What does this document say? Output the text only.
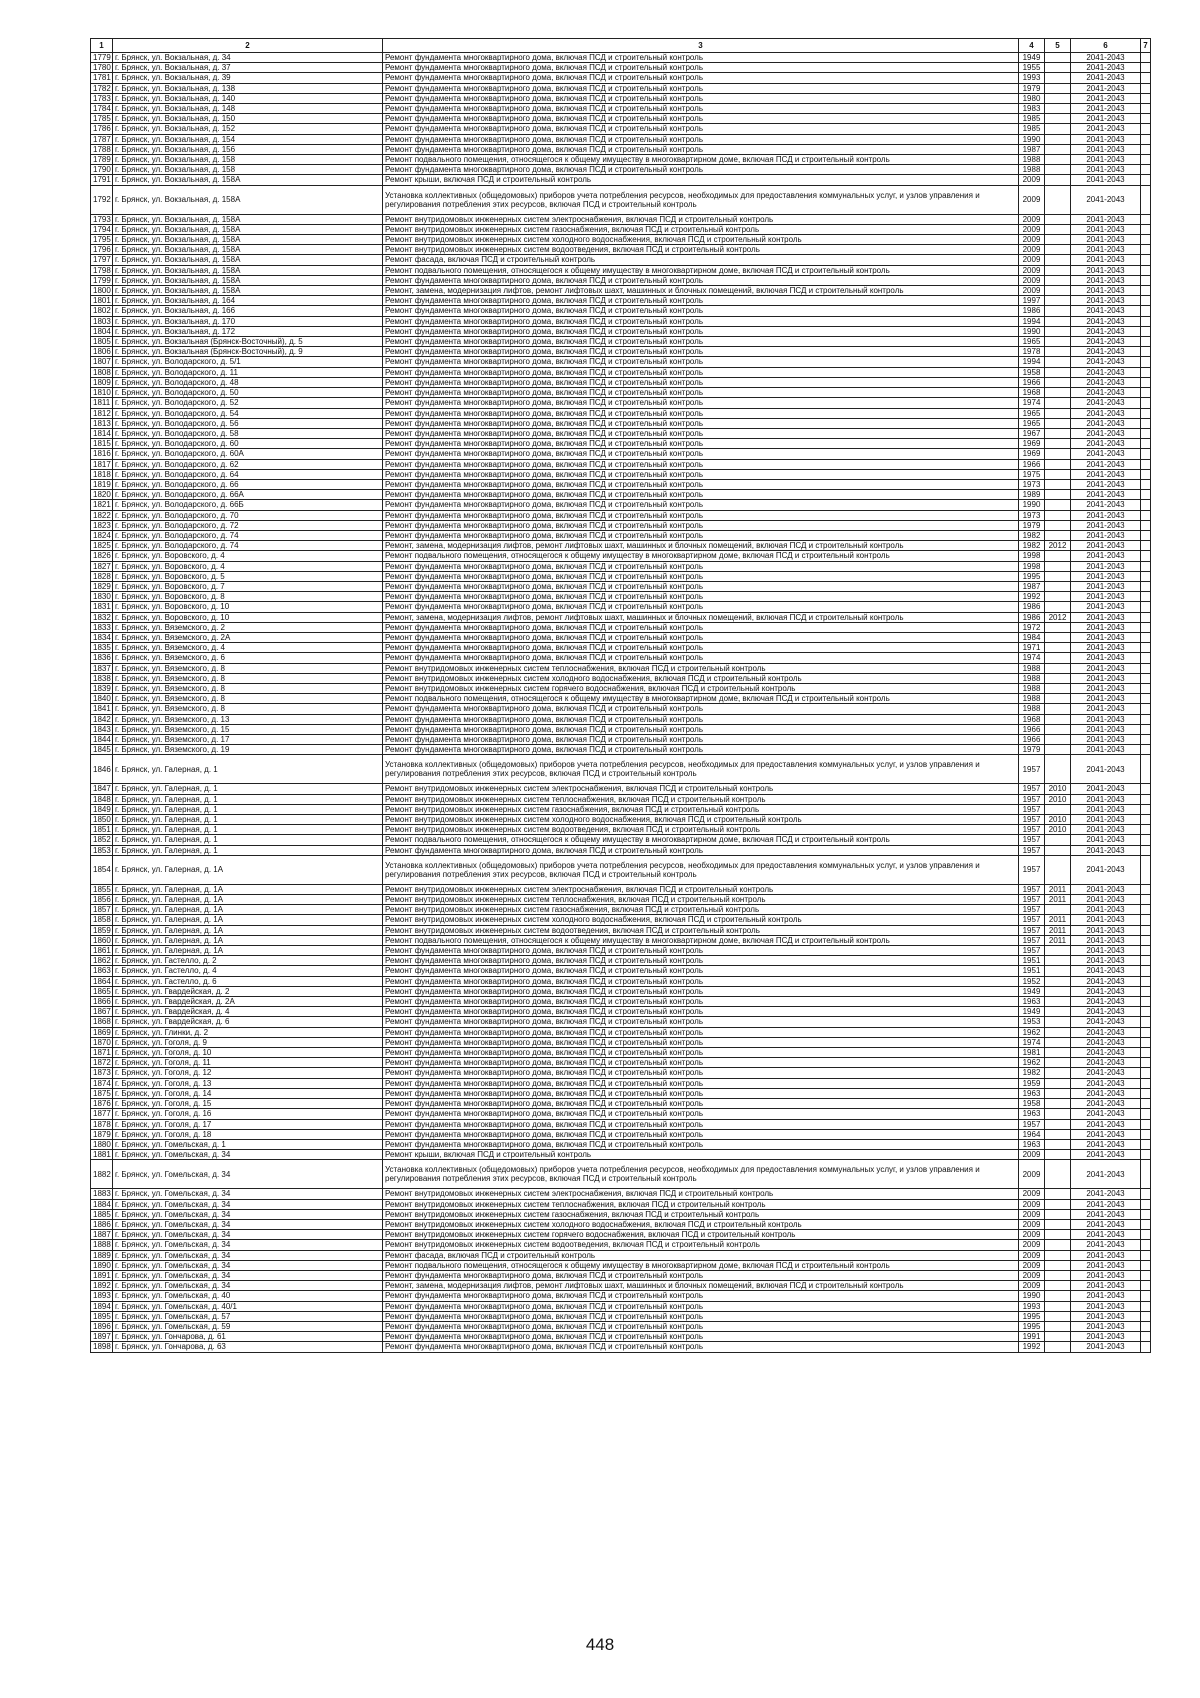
1	2	3	4	5	6	7
1779	г. Брянск, ул. Вокзальная, д. 34	Ремонт фундамента многоквартирного дома, включая ПСД и строительный контроль	1949		2041-2043	
1780	г. Брянск, ул. Вокзальная, д. 37	Ремонт фундамента многоквартирного дома, включая ПСД и строительный контроль	1955		2041-2043	
1781	г. Брянск, ул. Вокзальная, д. 39	Ремонт фундамента многоквартирного дома, включая ПСД и строительный контроль	1993		2041-2043	
1782	г. Брянск, ул. Вокзальная, д. 138	Ремонт фундамента многоквартирного дома, включая ПСД и строительный контроль	1979		2041-2043	
1783	г. Брянск, ул. Вокзальная, д. 140	Ремонт фундамента многоквартирного дома, включая ПСД и строительный контроль	1980		2041-2043	
1784	г. Брянск, ул. Вокзальная, д. 148	Ремонт фундамента многоквартирного дома, включая ПСД и строительный контроль	1983		2041-2043	
1785	г. Брянск, ул. Вокзальная, д. 150	Ремонт фундамента многоквартирного дома, включая ПСД и строительный контроль	1985		2041-2043	
1786	г. Брянск, ул. Вокзальная, д. 152	Ремонт фундамента многоквартирного дома, включая ПСД и строительный контроль	1985		2041-2043	
1787	г. Брянск, ул. Вокзальная, д. 154	Ремонт фундамента многоквартирного дома, включая ПСД и строительный контроль	1990		2041-2043	
1788	г. Брянск, ул. Вокзальная, д. 156	Ремонт фундамента многоквартирного дома, включая ПСД и строительный контроль	1987		2041-2043	
1789	г. Брянск, ул. Вокзальная, д. 158	Ремонт подвального помещения, относящегося к общему имуществу в многоквартирном доме, включая ПСД и строительный контроль	1988		2041-2043	
1790	г. Брянск, ул. Вокзальная, д. 158	Ремонт фундамента многоквартирного дома, включая ПСД и строительный контроль	1988		2041-2043	
1791	г. Брянск, ул. Вокзальная, д. 158А	Ремонт крыши, включая ПСД и строительный контроль	2009		2041-2043	
1792	г. Брянск, ул. Вокзальная, д. 158А	Установка коллективных (общедомовых) приборов учета потребления ресурсов, необходимых для предоставления коммунальных услуг, и узлов управления и регулирования потребления этих ресурсов, включая ПСД и строительный контроль	2009		2041-2043	
1793	г. Брянск, ул. Вокзальная, д. 158А	Ремонт внутридомовых инженерных систем электроснабжения, включая ПСД и строительный контроль	2009		2041-2043	
1794	г. Брянск, ул. Вокзальная, д. 158А	Ремонт внутридомовых инженерных систем газоснабжения, включая ПСД и строительный контроль	2009		2041-2043	
1795	г. Брянск, ул. Вокзальная, д. 158А	Ремонт внутридомовых инженерных систем холодного водоснабжения, включая ПСД и строительный контроль	2009		2041-2043	
1796	г. Брянск, ул. Вокзальная, д. 158А	Ремонт внутридомовых инженерных систем водоотведения, включая ПСД и строительный контроль	2009		2041-2043	
1797	г. Брянск, ул. Вокзальная, д. 158А	Ремонт фасада, включая ПСД и строительный контроль	2009		2041-2043	
1798	г. Брянск, ул. Вокзальная, д. 158А	Ремонт подвального помещения, относящегося к общему имуществу в многоквартирном доме, включая ПСД и строительный контроль	2009		2041-2043	
1799	г. Брянск, ул. Вокзальная, д. 158А	Ремонт фундамента многоквартирного дома, включая ПСД и строительный контроль	2009		2041-2043	
1800	г. Брянск, ул. Вокзальная, д. 158А	Ремонт, замена, модернизация лифтов, ремонт лифтовых шахт, машинных и блочных помещений, включая ПСД и строительный контроль	2009		2041-2043	
1801	г. Брянск, ул. Вокзальная, д. 164	Ремонт фундамента многоквартирного дома, включая ПСД и строительный контроль	1997		2041-2043	
1802	г. Брянск, ул. Вокзальная, д. 166	Ремонт фундамента многоквартирного дома, включая ПСД и строительный контроль	1986		2041-2043	
1803	г. Брянск, ул. Вокзальная, д. 170	Ремонт фундамента многоквартирного дома, включая ПСД и строительный контроль	1994		2041-2043	
1804	г. Брянск, ул. Вокзальная, д. 172	Ремонт фундамента многоквартирного дома, включая ПСД и строительный контроль	1990		2041-2043	
1805	г. Брянск, ул. Вокзальная (Брянск-Восточный), д. 5	Ремонт фундамента многоквартирного дома, включая ПСД и строительный контроль	1965		2041-2043	
1806	г. Брянск, ул. Вокзальная (Брянск-Восточный), д. 9	Ремонт фундамента многоквартирного дома, включая ПСД и строительный контроль	1978		2041-2043	
1807	г. Брянск, ул. Володарского, д. 5/1	Ремонт фундамента многоквартирного дома, включая ПСД и строительный контроль	1994		2041-2043	
1808	г. Брянск, ул. Володарского, д. 11	Ремонт фундамента многоквартирного дома, включая ПСД и строительный контроль	1958		2041-2043	
1809	г. Брянск, ул. Володарского, д. 48	Ремонт фундамента многоквартирного дома, включая ПСД и строительный контроль	1966		2041-2043	
1810	г. Брянск, ул. Володарского, д. 50	Ремонт фундамента многоквартирного дома, включая ПСД и строительный контроль	1968		2041-2043	
1811	г. Брянск, ул. Володарского, д. 52	Ремонт фундамента многоквартирного дома, включая ПСД и строительный контроль	1974		2041-2043	
1812	г. Брянск, ул. Володарского, д. 54	Ремонт фундамента многоквартирного дома, включая ПСД и строительный контроль	1965		2041-2043	
1813	г. Брянск, ул. Володарского, д. 56	Ремонт фундамента многоквартирного дома, включая ПСД и строительный контроль	1965		2041-2043	
1814	г. Брянск, ул. Володарского, д. 58	Ремонт фундамента многоквартирного дома, включая ПСД и строительный контроль	1967		2041-2043	
1815	г. Брянск, ул. Володарского, д. 60	Ремонт фундамента многоквартирного дома, включая ПСД и строительный контроль	1969		2041-2043	
1816	г. Брянск, ул. Володарского, д. 60А	Ремонт фундамента многоквартирного дома, включая ПСД и строительный контроль	1969		2041-2043	
1817	г. Брянск, ул. Володарского, д. 62	Ремонт фундамента многоквартирного дома, включая ПСД и строительный контроль	1966		2041-2043	
1818	г. Брянск, ул. Володарского, д. 64	Ремонт фундамента многоквартирного дома, включая ПСД и строительный контроль	1975		2041-2043	
1819	г. Брянск, ул. Володарского, д. 66	Ремонт фундамента многоквартирного дома, включая ПСД и строительный контроль	1973		2041-2043	
1820	г. Брянск, ул. Володарского, д. 66А	Ремонт фундамента многоквартирного дома, включая ПСД и строительный контроль	1989		2041-2043	
1821	г. Брянск, ул. Володарского, д. 66Б	Ремонт фундамента многоквартирного дома, включая ПСД и строительный контроль	1990		2041-2043	
1822	г. Брянск, ул. Володарского, д. 70	Ремонт фундамента многоквартирного дома, включая ПСД и строительный контроль	1973		2041-2043	
1823	г. Брянск, ул. Володарского, д. 72	Ремонт фундамента многоквартирного дома, включая ПСД и строительный контроль	1979		2041-2043	
1824	г. Брянск, ул. Володарского, д. 74	Ремонт фундамента многоквартирного дома, включая ПСД и строительный контроль	1982		2041-2043	
1825	г. Брянск, ул. Володарского, д. 74	Ремонт, замена, модернизация лифтов, ремонт лифтовых шахт, машинных и блочных помещений, включая ПСД и строительный контроль	1982	2012	2041-2043	
1826	г. Брянск, ул. Воровского, д. 4	Ремонт подвального помещения, относящегося к общему имуществу в многоквартирном доме, включая ПСД и строительный контроль	1998		2041-2043	
1827	г. Брянск, ул. Воровского, д. 4	Ремонт фундамента многоквартирного дома, включая ПСД и строительный контроль	1998		2041-2043	
1828	г. Брянск, ул. Воровского, д. 5	Ремонт фундамента многоквартирного дома, включая ПСД и строительный контроль	1995		2041-2043	
1829	г. Брянск, ул. Воровского, д. 7	Ремонт фундамента многоквартирного дома, включая ПСД и строительный контроль	1987		2041-2043	
1830	г. Брянск, ул. Воровского, д. 8	Ремонт фундамента многоквартирного дома, включая ПСД и строительный контроль	1992		2041-2043	
1831	г. Брянск, ул. Воровского, д. 10	Ремонт фундамента многоквартирного дома, включая ПСД и строительный контроль	1986		2041-2043	
1832	г. Брянск, ул. Воровского, д. 10	Ремонт, замена, модернизация лифтов, ремонт лифтовых шахт, машинных и блочных помещений, включая ПСД и строительный контроль	1986	2012	2041-2043	
1833	г. Брянск, ул. Вяземского, д. 2	Ремонт фундамента многоквартирного дома, включая ПСД и строительный контроль	1972		2041-2043	
1834	г. Брянск, ул. Вяземского, д. 2А	Ремонт фундамента многоквартирного дома, включая ПСД и строительный контроль	1984		2041-2043	
1835	г. Брянск, ул. Вяземского, д. 4	Ремонт фундамента многоквартирного дома, включая ПСД и строительный контроль	1971		2041-2043	
1836	г. Брянск, ул. Вяземского, д. 6	Ремонт фундамента многоквартирного дома, включая ПСД и строительный контроль	1974		2041-2043	
1837	г. Брянск, ул. Вяземского, д. 8	Ремонт внутридомовых инженерных систем теплоснабжения, включая ПСД и строительный контроль	1988		2041-2043	
1838	г. Брянск, ул. Вяземского, д. 8	Ремонт внутридомовых инженерных систем холодного водоснабжения, включая ПСД и строительный контроль	1988		2041-2043	
1839	г. Брянск, ул. Вяземского, д. 8	Ремонт внутридомовых инженерных систем горячего водоснабжения, включая ПСД и строительный контроль	1988		2041-2043	
1840	г. Брянск, ул. Вяземского, д. 8	Ремонт подвального помещения, относящегося к общему имуществу в многоквартирном доме, включая ПСД и строительный контроль	1988		2041-2043	
1841	г. Брянск, ул. Вяземского, д. 8	Ремонт фундамента многоквартирного дома, включая ПСД и строительный контроль	1988		2041-2043	
1842	г. Брянск, ул. Вяземского, д. 13	Ремонт фундамента многоквартирного дома, включая ПСД и строительный контроль	1968		2041-2043	
1843	г. Брянск, ул. Вяземского, д. 15	Ремонт фундамента многоквартирного дома, включая ПСД и строительный контроль	1966		2041-2043	
1844	г. Брянск, ул. Вяземского, д. 17	Ремонт фундамента многоквартирного дома, включая ПСД и строительный контроль	1966		2041-2043	
1845	г. Брянск, ул. Вяземского, д. 19	Ремонт фундамента многоквартирного дома, включая ПСД и строительный контроль	1979		2041-2043	
1846	г. Брянск, ул. Галерная, д. 1	Установка коллективных (общедомовых) приборов учета потребления ресурсов, необходимых для предоставления коммунальных услуг, и узлов управления и регулирования потребления этих ресурсов, включая ПСД и строительный контроль	1957		2041-2043	
1847	г. Брянск, ул. Галерная, д. 1	Ремонт внутридомовых инженерных систем электроснабжения, включая ПСД и строительный контроль	1957	2010	2041-2043	
1848	г. Брянск, ул. Галерная, д. 1	Ремонт внутридомовых инженерных систем теплоснабжения, включая ПСД и строительный контроль	1957	2010	2041-2043	
1849	г. Брянск, ул. Галерная, д. 1	Ремонт внутридомовых инженерных систем газоснабжения, включая ПСД и строительный контроль	1957		2041-2043	
1850	г. Брянск, ул. Галерная, д. 1	Ремонт внутридомовых инженерных систем холодного водоснабжения, включая ПСД и строительный контроль	1957	2010	2041-2043	
1851	г. Брянск, ул. Галерная, д. 1	Ремонт внутридомовых инженерных систем водоотведения, включая ПСД и строительный контроль	1957	2010	2041-2043	
1852	г. Брянск, ул. Галерная, д. 1	Ремонт подвального помещения, относящегося к общему имуществу в многоквартирном доме, включая ПСД и строительный контроль	1957		2041-2043	
1853	г. Брянск, ул. Галерная, д. 1	Ремонт фундамента многоквартирного дома, включая ПСД и строительный контроль	1957		2041-2043	
1854	г. Брянск, ул. Галерная, д. 1А	Установка коллективных (общедомовых) приборов учета потребления ресурсов, необходимых для предоставления коммунальных услуг, и узлов управления и регулирования потребления этих ресурсов, включая ПСД и строительный контроль	1957		2041-2043	
1855	г. Брянск, ул. Галерная, д. 1А	Ремонт внутридомовых инженерных систем электроснабжения, включая ПСД и строительный контроль	1957	2011	2041-2043	
1856	г. Брянск, ул. Галерная, д. 1А	Ремонт внутридомовых инженерных систем теплоснабжения, включая ПСД и строительный контроль	1957	2011	2041-2043	
1857	г. Брянск, ул. Галерная, д. 1А	Ремонт внутридомовых инженерных систем газоснабжения, включая ПСД и строительный контроль	1957		2041-2043	
1858	г. Брянск, ул. Галерная, д. 1А	Ремонт внутридомовых инженерных систем холодного водоснабжения, включая ПСД и строительный контроль	1957	2011	2041-2043	
1859	г. Брянск, ул. Галерная, д. 1А	Ремонт внутридомовых инженерных систем водоотведения, включая ПСД и строительный контроль	1957	2011	2041-2043	
1860	г. Брянск, ул. Галерная, д. 1А	Ремонт подвального помещения, относящегося к общему имуществу в многоквартирном доме, включая ПСД и строительный контроль	1957	2011	2041-2043	
1861	г. Брянск, ул. Галерная, д. 1А	Ремонт фундамента многоквартирного дома, включая ПСД и строительный контроль	1957		2041-2043	
1862	г. Брянск, ул. Гастелло, д. 2	Ремонт фундамента многоквартирного дома, включая ПСД и строительный контроль	1951		2041-2043	
1863	г. Брянск, ул. Гастелло, д. 4	Ремонт фундамента многоквартирного дома, включая ПСД и строительный контроль	1951		2041-2043	
1864	г. Брянск, ул. Гастелло, д. 6	Ремонт фундамента многоквартирного дома, включая ПСД и строительный контроль	1952		2041-2043	
1865	г. Брянск, ул. Гвардейская, д. 2	Ремонт фундамента многоквартирного дома, включая ПСД и строительный контроль	1949		2041-2043	
1866	г. Брянск, ул. Гвардейская, д. 2А	Ремонт фундамента многоквартирного дома, включая ПСД и строительный контроль	1963		2041-2043	
1867	г. Брянск, ул. Гвардейская, д. 4	Ремонт фундамента многоквартирного дома, включая ПСД и строительный контроль	1949		2041-2043	
1868	г. Брянск, ул. Гвардейская, д. 6	Ремонт фундамента многоквартирного дома, включая ПСД и строительный контроль	1953		2041-2043	
1869	г. Брянск, ул. Глинки, д. 2	Ремонт фундамента многоквартирного дома, включая ПСД и строительный контроль	1962		2041-2043	
1870	г. Брянск, ул. Гоголя, д. 9	Ремонт фундамента многоквартирного дома, включая ПСД и строительный контроль	1974		2041-2043	
1871	г. Брянск, ул. Гоголя, д. 10	Ремонт фундамента многоквартирного дома, включая ПСД и строительный контроль	1981		2041-2043	
1872	г. Брянск, ул. Гоголя, д. 11	Ремонт фундамента многоквартирного дома, включая ПСД и строительный контроль	1962		2041-2043	
1873	г. Брянск, ул. Гоголя, д. 12	Ремонт фундамента многоквартирного дома, включая ПСД и строительный контроль	1982		2041-2043	
1874	г. Брянск, ул. Гоголя, д. 13	Ремонт фундамента многоквартирного дома, включая ПСД и строительный контроль	1959		2041-2043	
1875	г. Брянск, ул. Гоголя, д. 14	Ремонт фундамента многоквартирного дома, включая ПСД и строительный контроль	1963		2041-2043	
1876	г. Брянск, ул. Гоголя, д. 15	Ремонт фундамента многоквартирного дома, включая ПСД и строительный контроль	1958		2041-2043	
1877	г. Брянск, ул. Гоголя, д. 16	Ремонт фундамента многоквартирного дома, включая ПСД и строительный контроль	1963		2041-2043	
1878	г. Брянск, ул. Гоголя, д. 17	Ремонт фундамента многоквартирного дома, включая ПСД и строительный контроль	1957		2041-2043	
1879	г. Брянск, ул. Гоголя, д. 18	Ремонт фундамента многоквартирного дома, включая ПСД и строительный контроль	1964		2041-2043	
1880	г. Брянск, ул. Гомельская, д. 1	Ремонт фундамента многоквартирного дома, включая ПСД и строительный контроль	1963		2041-2043	
1881	г. Брянск, ул. Гомельская, д. 34	Ремонт крыши, включая ПСД и строительный контроль	2009		2041-2043	
1882	г. Брянск, ул. Гомельская, д. 34	Установка коллективных (общедомовых) приборов учета потребления ресурсов, необходимых для предоставления коммунальных услуг, и узлов управления и регулирования потребления этих ресурсов, включая ПСД и строительный контроль	2009		2041-2043	
1883	г. Брянск, ул. Гомельская, д. 34	Ремонт внутридомовых инженерных систем электроснабжения, включая ПСД и строительный контроль	2009		2041-2043	
1884	г. Брянск, ул. Гомельская, д. 34	Ремонт внутридомовых инженерных систем теплоснабжения, включая ПСД и строительный контроль	2009		2041-2043	
1885	г. Брянск, ул. Гомельская, д. 34	Ремонт внутридомовых инженерных систем газоснабжения, включая ПСД и строительный контроль	2009		2041-2043	
1886	г. Брянск, ул. Гомельская, д. 34	Ремонт внутридомовых инженерных систем холодного водоснабжения, включая ПСД и строительный контроль	2009		2041-2043	
1887	г. Брянск, ул. Гомельская, д. 34	Ремонт внутридомовых инженерных систем горячего водоснабжения, включая ПСД и строительный контроль	2009		2041-2043	
1888	г. Брянск, ул. Гомельская, д. 34	Ремонт внутридомовых инженерных систем водоотведения, включая ПСД и строительный контроль	2009		2041-2043	
1889	г. Брянск, ул. Гомельская, д. 34	Ремонт фасада, включая ПСД и строительный контроль	2009		2041-2043	
1890	г. Брянск, ул. Гомельская, д. 34	Ремонт подвального помещения, относящегося к общему имуществу в многоквартирном доме, включая ПСД и строительный контроль	2009		2041-2043	
1891	г. Брянск, ул. Гомельская, д. 34	Ремонт фундамента многоквартирного дома, включая ПСД и строительный контроль	2009		2041-2043	
1892	г. Брянск, ул. Гомельская, д. 34	Ремонт, замена, модернизация лифтов, ремонт лифтовых шахт, машинных и блочных помещений, включая ПСД и строительный контроль	2009		2041-2043	
1893	г. Брянск, ул. Гомельская, д. 40	Ремонт фундамента многоквартирного дома, включая ПСД и строительный контроль	1990		2041-2043	
1894	г. Брянск, ул. Гомельская, д. 40/1	Ремонт фундамента многоквартирного дома, включая ПСД и строительный контроль	1993		2041-2043	
1895	г. Брянск, ул. Гомельская, д. 57	Ремонт фундамента многоквартирного дома, включая ПСД и строительный контроль	1995		2041-2043	
1896	г. Брянск, ул. Гомельская, д. 59	Ремонт фундамента многоквартирного дома, включая ПСД и строительный контроль	1995		2041-2043	
1897	г. Брянск, ул. Гончарова, д. 61	Ремонт фундамента многоквартирного дома, включая ПСД и строительный контроль	1991		2041-2043	
1898	г. Брянск, ул. Гончарова, д. 63	Ремонт фундамента многоквартирного дома, включая ПСД и строительный контроль	1992		2041-2043	
448
